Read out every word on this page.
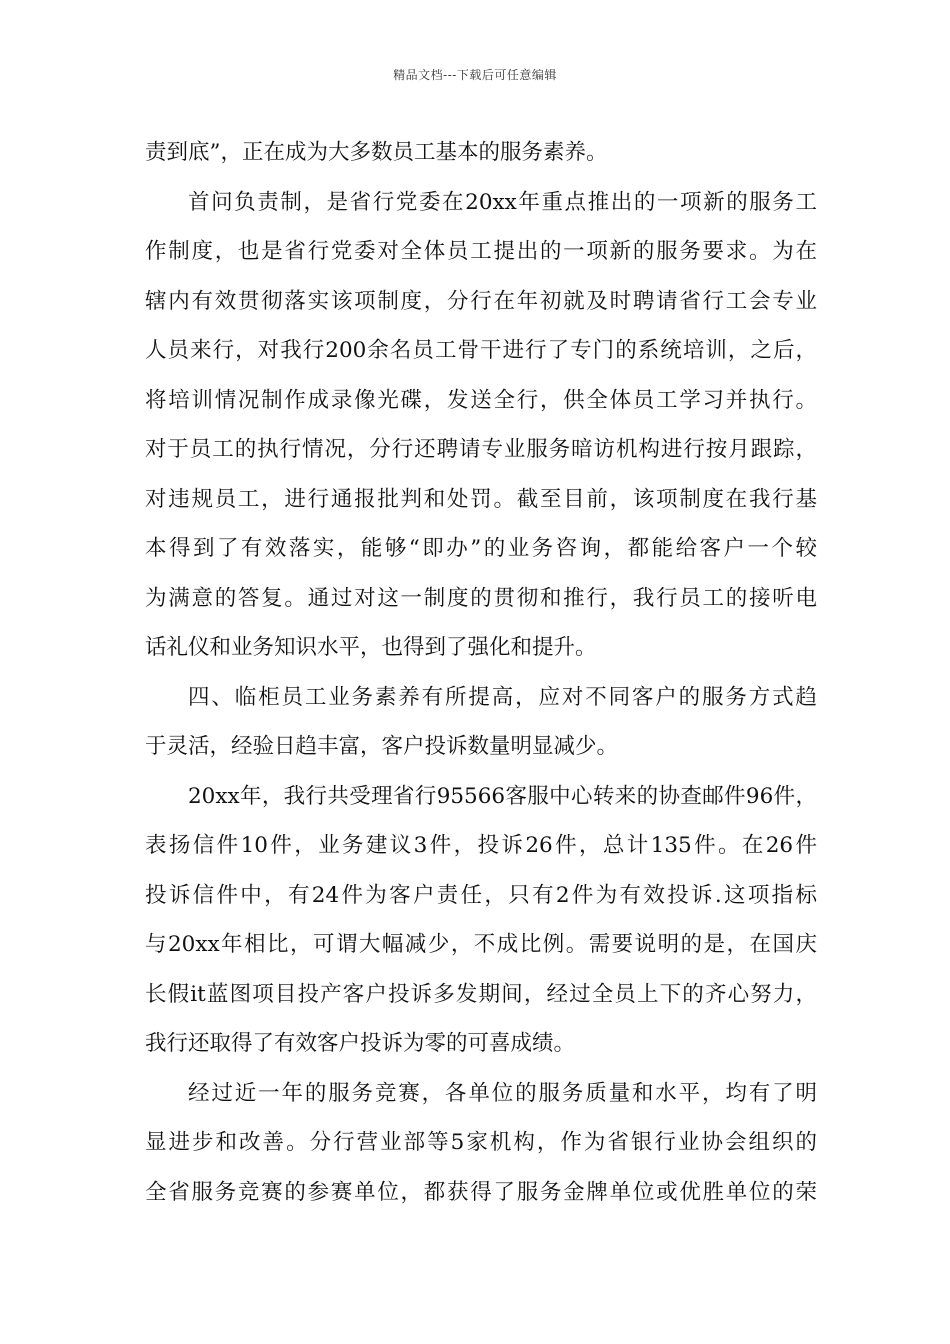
精品文档---下载后可任意编辑
责到底”，正在成为大多数员工基本的服务素养。
首问负责制，是省行党委在20xx年重点推出的一项新的服务工
作制度，也是省行党委对全体员工提出的一项新的服务要求。为在
辖内有效贯彻落实该项制度，分行在年初就及时聘请省行工会专业
人员来行，对我行200余名员工骨干进行了专门的系统培训，之后，
将培训情况制作成录像光碟，发送全行，供全体员工学习并执行。
对于员工的执行情况，分行还聘请专业服务暗访机构进行按月跟踪，
对违规员工，进行通报批判和处罚。截至目前，该项制度在我行基
本得到了有效落实，能够“即办”的业务咨询，都能给客户一个较
为满意的答复。通过对这一制度的贯彻和推行，我行员工的接听电
话礼仪和业务知识水平，也得到了强化和提升。
四、临柜员工业务素养有所提高，应对不同客户的服务方式趋
于灵活，经验日趋丰富，客户投诉数量明显减少。
20xx年，我行共受理省行95566客服中心转来的协查邮件96件，
表扬信件10件，业务建议3件，投诉26件，总计135件。在26件
投诉信件中，有24件为客户责任，只有2件为有效投诉.这项指标
与20xx年相比，可谓大幅减少，不成比例。需要说明的是，在国庆
长假it蓝图项目投产客户投诉多发期间，经过全员上下的齐心努力，
我行还取得了有效客户投诉为零的可喜成绩。
经过近一年的服务竞赛，各单位的服务质量和水平，均有了明
显进步和改善。分行营业部等5家机构，作为省银行业协会组织的
全省服务竞赛的参赛单位，都获得了服务金牌单位或优胜单位的荣
